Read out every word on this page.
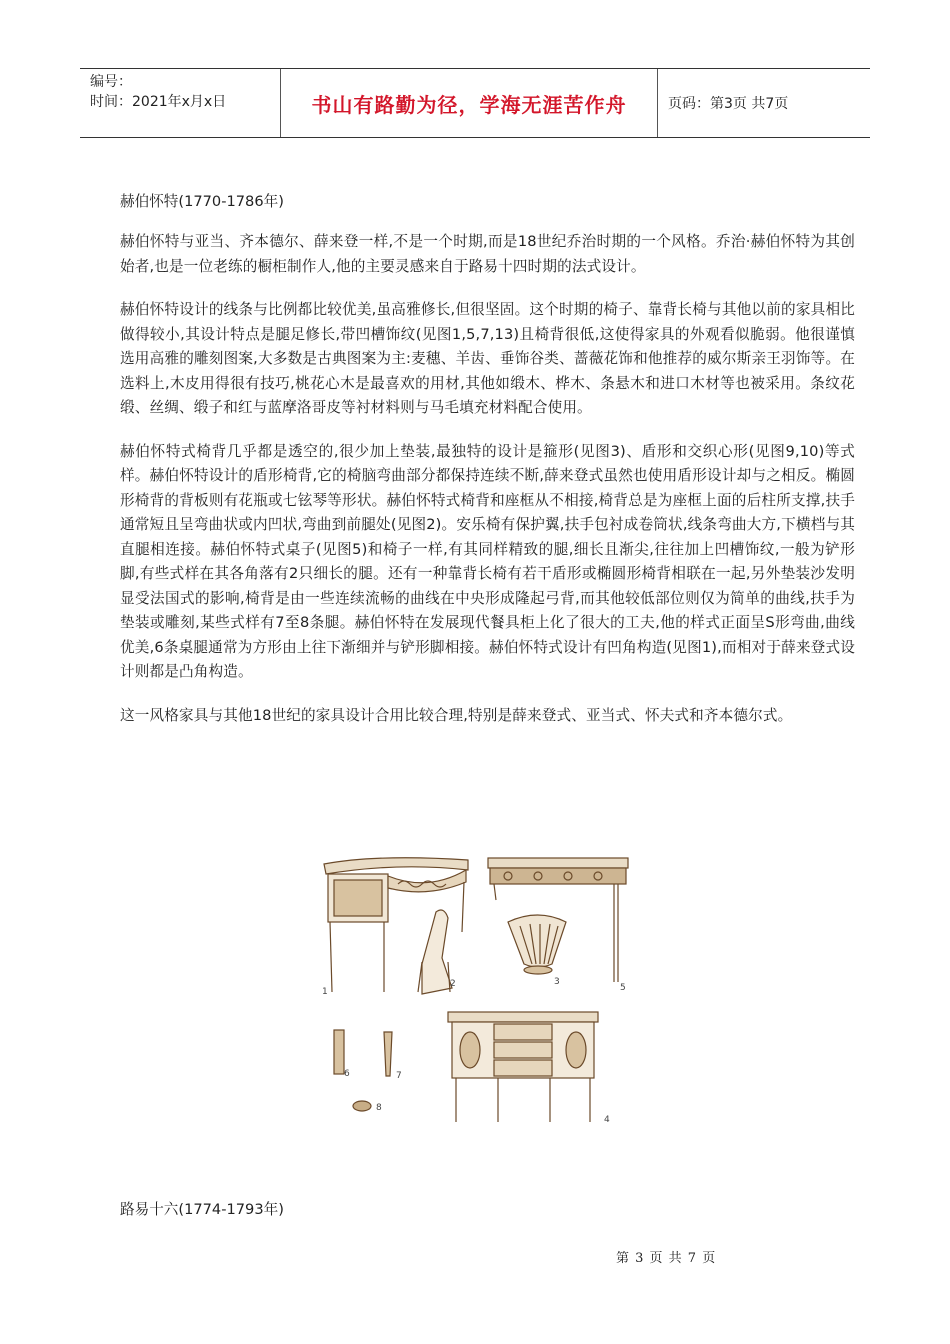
编号：
时间：2021年x月x日	书山有路勤为径，学海无涯苦作舟	页码：第3页 共7页
赫伯怀特(1770-1786年)

赫伯怀特与亚当、齐本德尔、薛来登一样,不是一个时期,而是18世纪乔治时期的一个风格。乔治·赫伯怀特为其创始者,也是一位老练的橱柜制作人,他的主要灵感来自于路易十四时期的法式设计。

赫伯怀特设计的线条与比例都比较优美,虽高雅修长,但很坚固。这个时期的椅子、靠背长椅与其他以前的家具相比做得较小,其设计特点是腿足修长,带凹槽饰纹(见图1,5,7,13)且椅背很低,这使得家具的外观看似脆弱。他很谨慎选用高雅的雕刻图案,大多数是古典图案为主:麦穗、羊齿、垂饰谷类、蔷薇花饰和他推荐的威尔斯亲王羽饰等。在选料上,木皮用得很有技巧,桃花心木是最喜欢的用材,其他如缎木、桦木、条悬木和进口木材等也被采用。条纹花缎、丝绸、缎子和红与蓝摩洛哥皮等衬材料则与马毛填充材料配合使用。

赫伯怀特式椅背几乎都是透空的,很少加上垫装,最独特的设计是箍形(见图3)、盾形和交织心形(见图9,10)等式样。赫伯怀特设计的盾形椅背,它的椅脑弯曲部分都保持连续不断,薛来登式虽然也使用盾形设计却与之相反。椭圆形椅背的背板则有花瓶或七铉琴等形状。赫伯怀特式椅背和座框从不相接,椅背总是为座框上面的后柱所支撑,扶手通常短且呈弯曲状或内凹状,弯曲到前腿处(见图2)。安乐椅有保护翼,扶手包衬成卷筒状,线条弯曲大方,下横档与其直腿相连接。赫伯怀特式桌子(见图5)和椅子一样,有其同样精致的腿,细长且渐尖,往往加上凹槽饰纹,一般为铲形脚,有些式样在其各角落有2只细长的腿。还有一种靠背长椅有若干盾形或椭圆形椅背相联在一起,另外垫装沙发明显受法国式的影响,椅背是由一些连续流畅的曲线在中央形成隆起弓背,而其他较低部位则仅为简单的曲线,扶手为垫装或雕刻,某些式样有7至8条腿。赫伯怀特在发展现代餐具柜上化了很大的工夫,他的样式正面呈S形弯曲,曲线优美,6条桌腿通常为方形由上往下渐细并与铲形脚相接。赫伯怀特式设计有凹角构造(见图1),而相对于薛来登式设计则都是凸角构造。

这一风格家具与其他18世纪的家具设计合用比较合理,特别是薛来登式、亚当式、怀夫式和齐本德尔式。

1
2	3
5
6	7
4
8
路易十六(1774-1793年)
第 3 页 共 7 页
